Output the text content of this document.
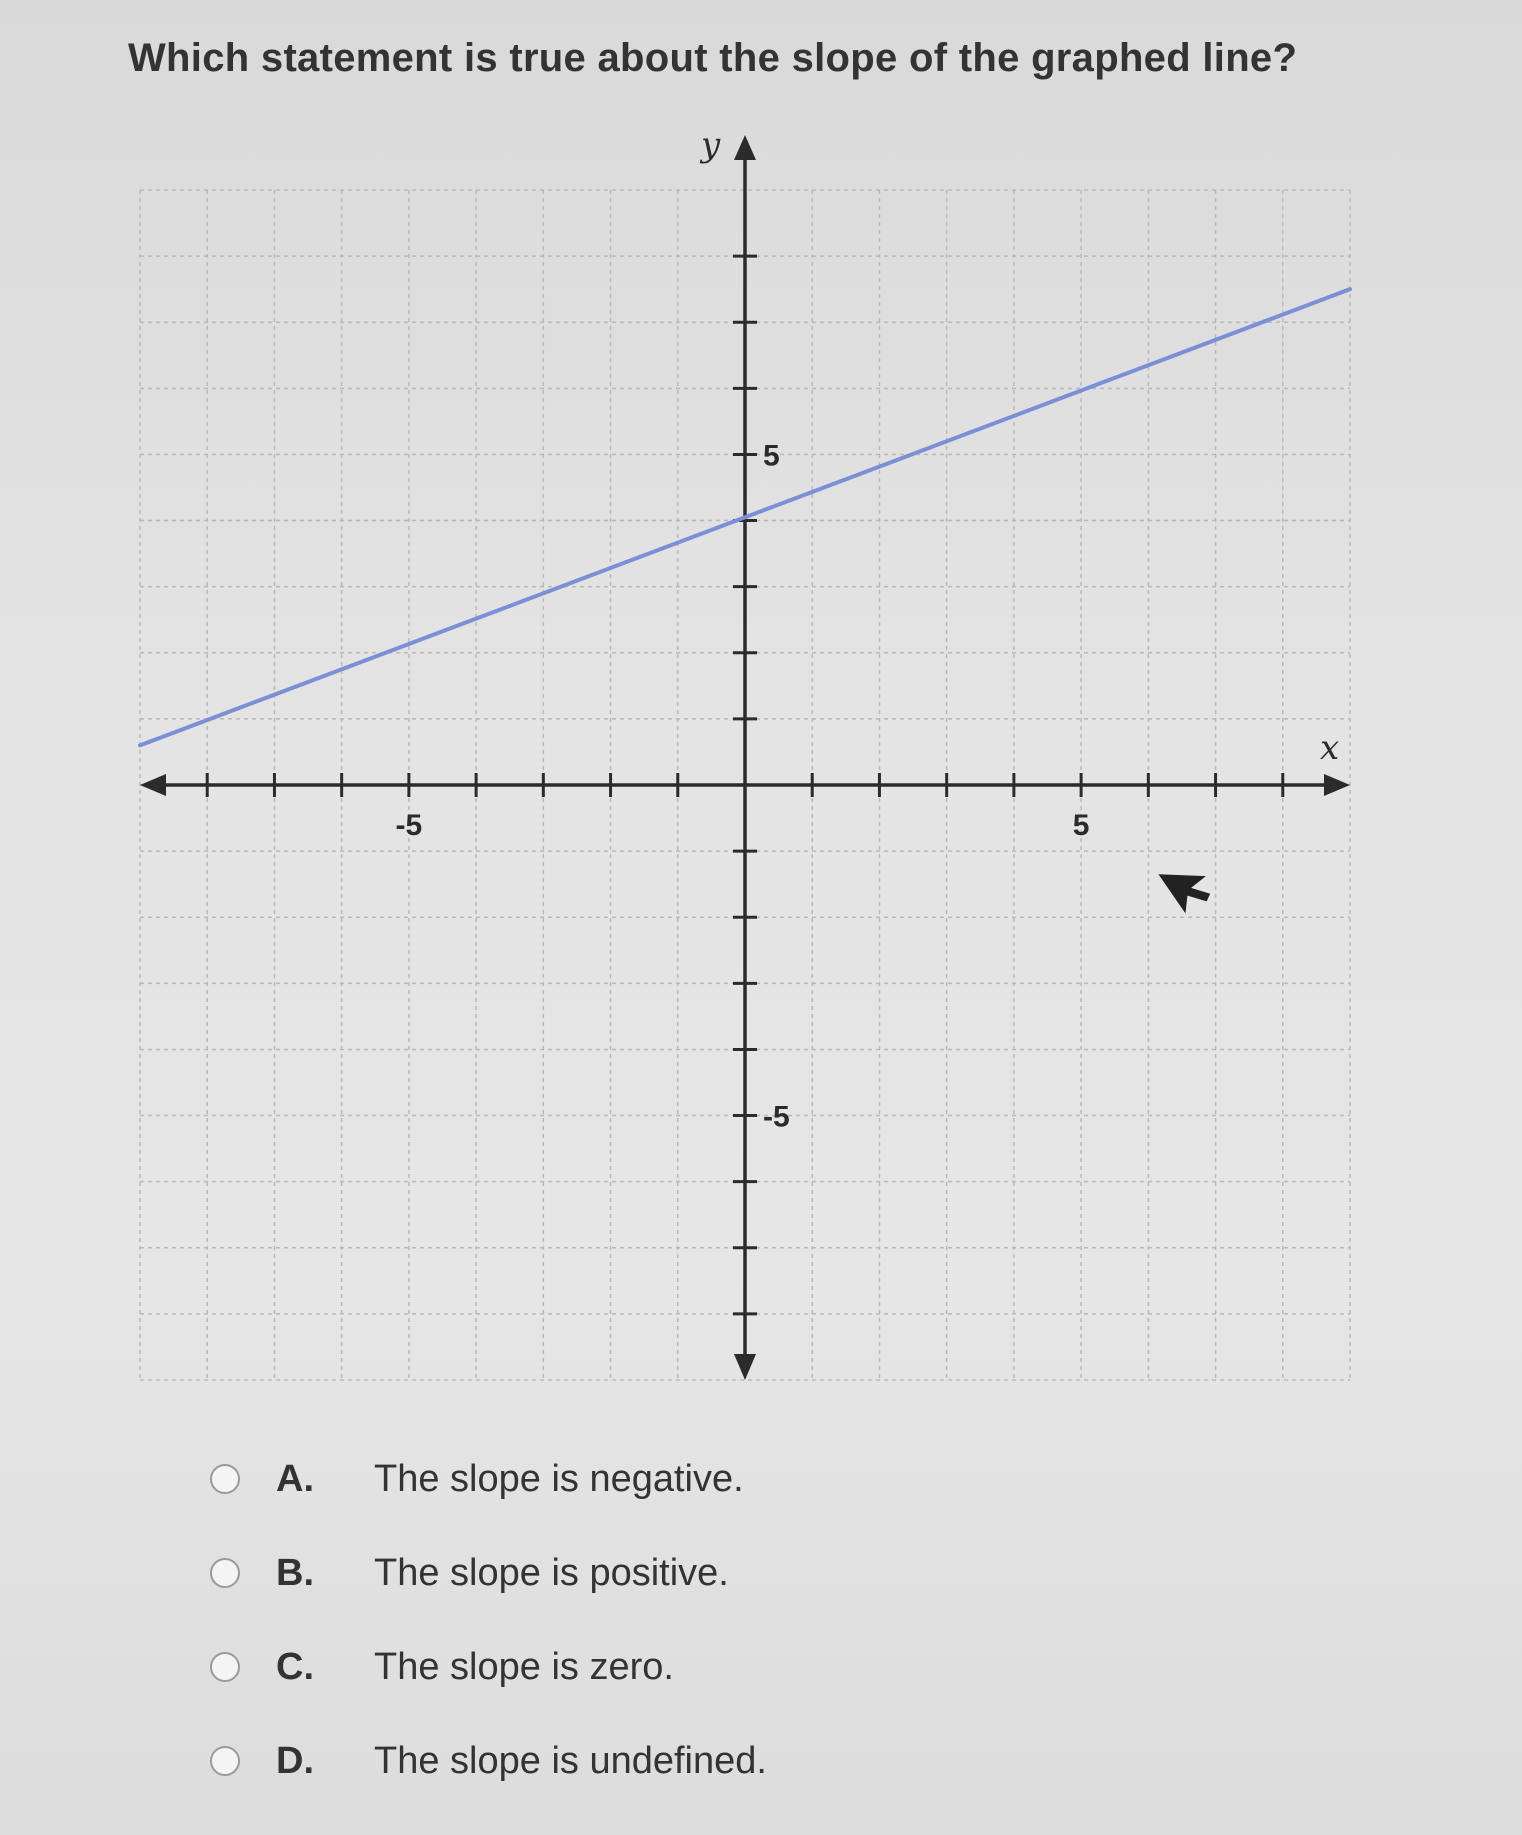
Which statement is true about the slope of the graphed line?
-5	5
5
-5
x
y
A.	The slope is negative.
B.	The slope is positive.
C.	The slope is zero.
D.	The slope is undefined.
